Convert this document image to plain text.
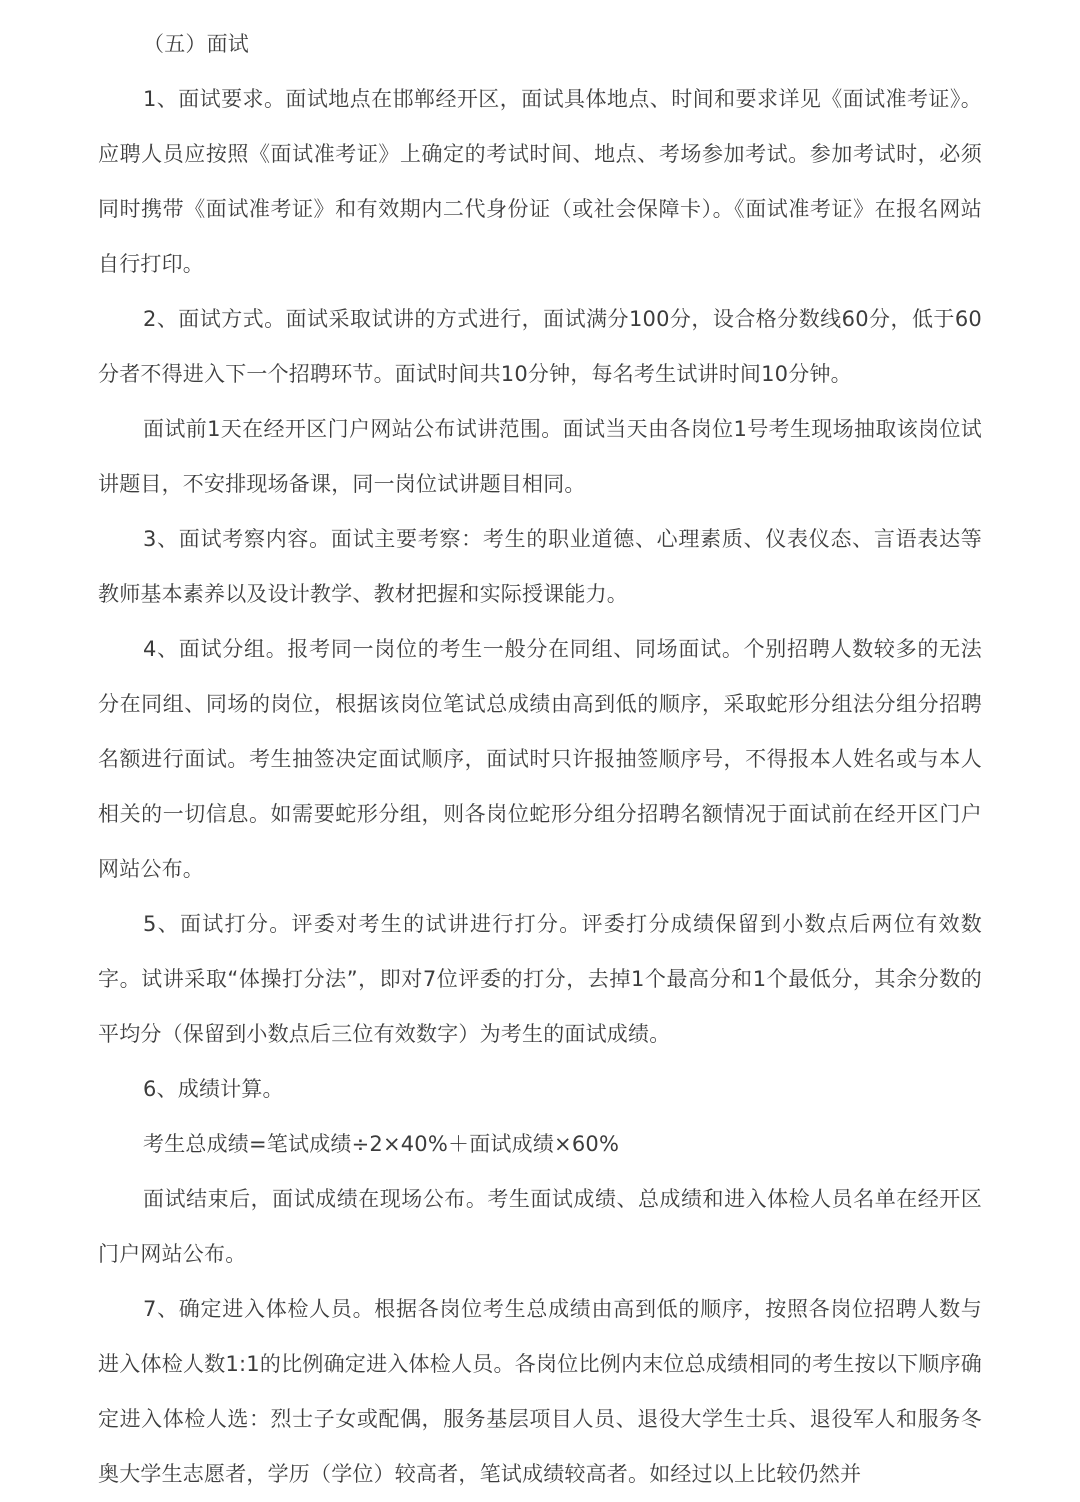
（五）面试

1、面试要求。面试地点在邯郸经开区，面试具体地点、时间和要求详见《面试准考证》。应聘人员应按照《面试准考证》上确定的考试时间、地点、考场参加考试。参加考试时，必须同时携带《面试准考证》和有效期内二代身份证（或社会保障卡）。《面试准考证》在报名网站自行打印。

2、面试方式。面试采取试讲的方式进行，面试满分100分，设合格分数线60分，低于60分者不得进入下一个招聘环节。面试时间共10分钟，每名考生试讲时间10分钟。

面试前1天在经开区门户网站公布试讲范围。面试当天由各岗位1号考生现场抽取该岗位试讲题目，不安排现场备课，同一岗位试讲题目相同。

3、面试考察内容。面试主要考察：考生的职业道德、心理素质、仪表仪态、言语表达等教师基本素养以及设计教学、教材把握和实际授课能力。

4、面试分组。报考同一岗位的考生一般分在同组、同场面试。个别招聘人数较多的无法分在同组、同场的岗位，根据该岗位笔试总成绩由高到低的顺序，采取蛇形分组法分组分招聘名额进行面试。考生抽签决定面试顺序，面试时只许报抽签顺序号，不得报本人姓名或与本人相关的一切信息。如需要蛇形分组，则各岗位蛇形分组分招聘名额情况于面试前在经开区门户网站公布。

5、面试打分。评委对考生的试讲进行打分。评委打分成绩保留到小数点后两位有效数字。试讲采取“体操打分法”，即对7位评委的打分，去掉1个最高分和1个最低分，其余分数的平均分（保留到小数点后三位有效数字）为考生的面试成绩。

6、成绩计算。

考生总成绩=笔试成绩÷2×40%＋面试成绩×60%

面试结束后，面试成绩在现场公布。考生面试成绩、总成绩和进入体检人员名单在经开区门户网站公布。

7、确定进入体检人员。根据各岗位考生总成绩由高到低的顺序，按照各岗位招聘人数与进入体检人数1:1的比例确定进入体检人员。各岗位比例内末位总成绩相同的考生按以下顺序确定进入体检人选：烈士子女或配偶，服务基层项目人员、退役大学生士兵、退役军人和服务冬奥大学生志愿者，学历（学位）较高者，笔试成绩较高者。如经过以上比较仍然并
